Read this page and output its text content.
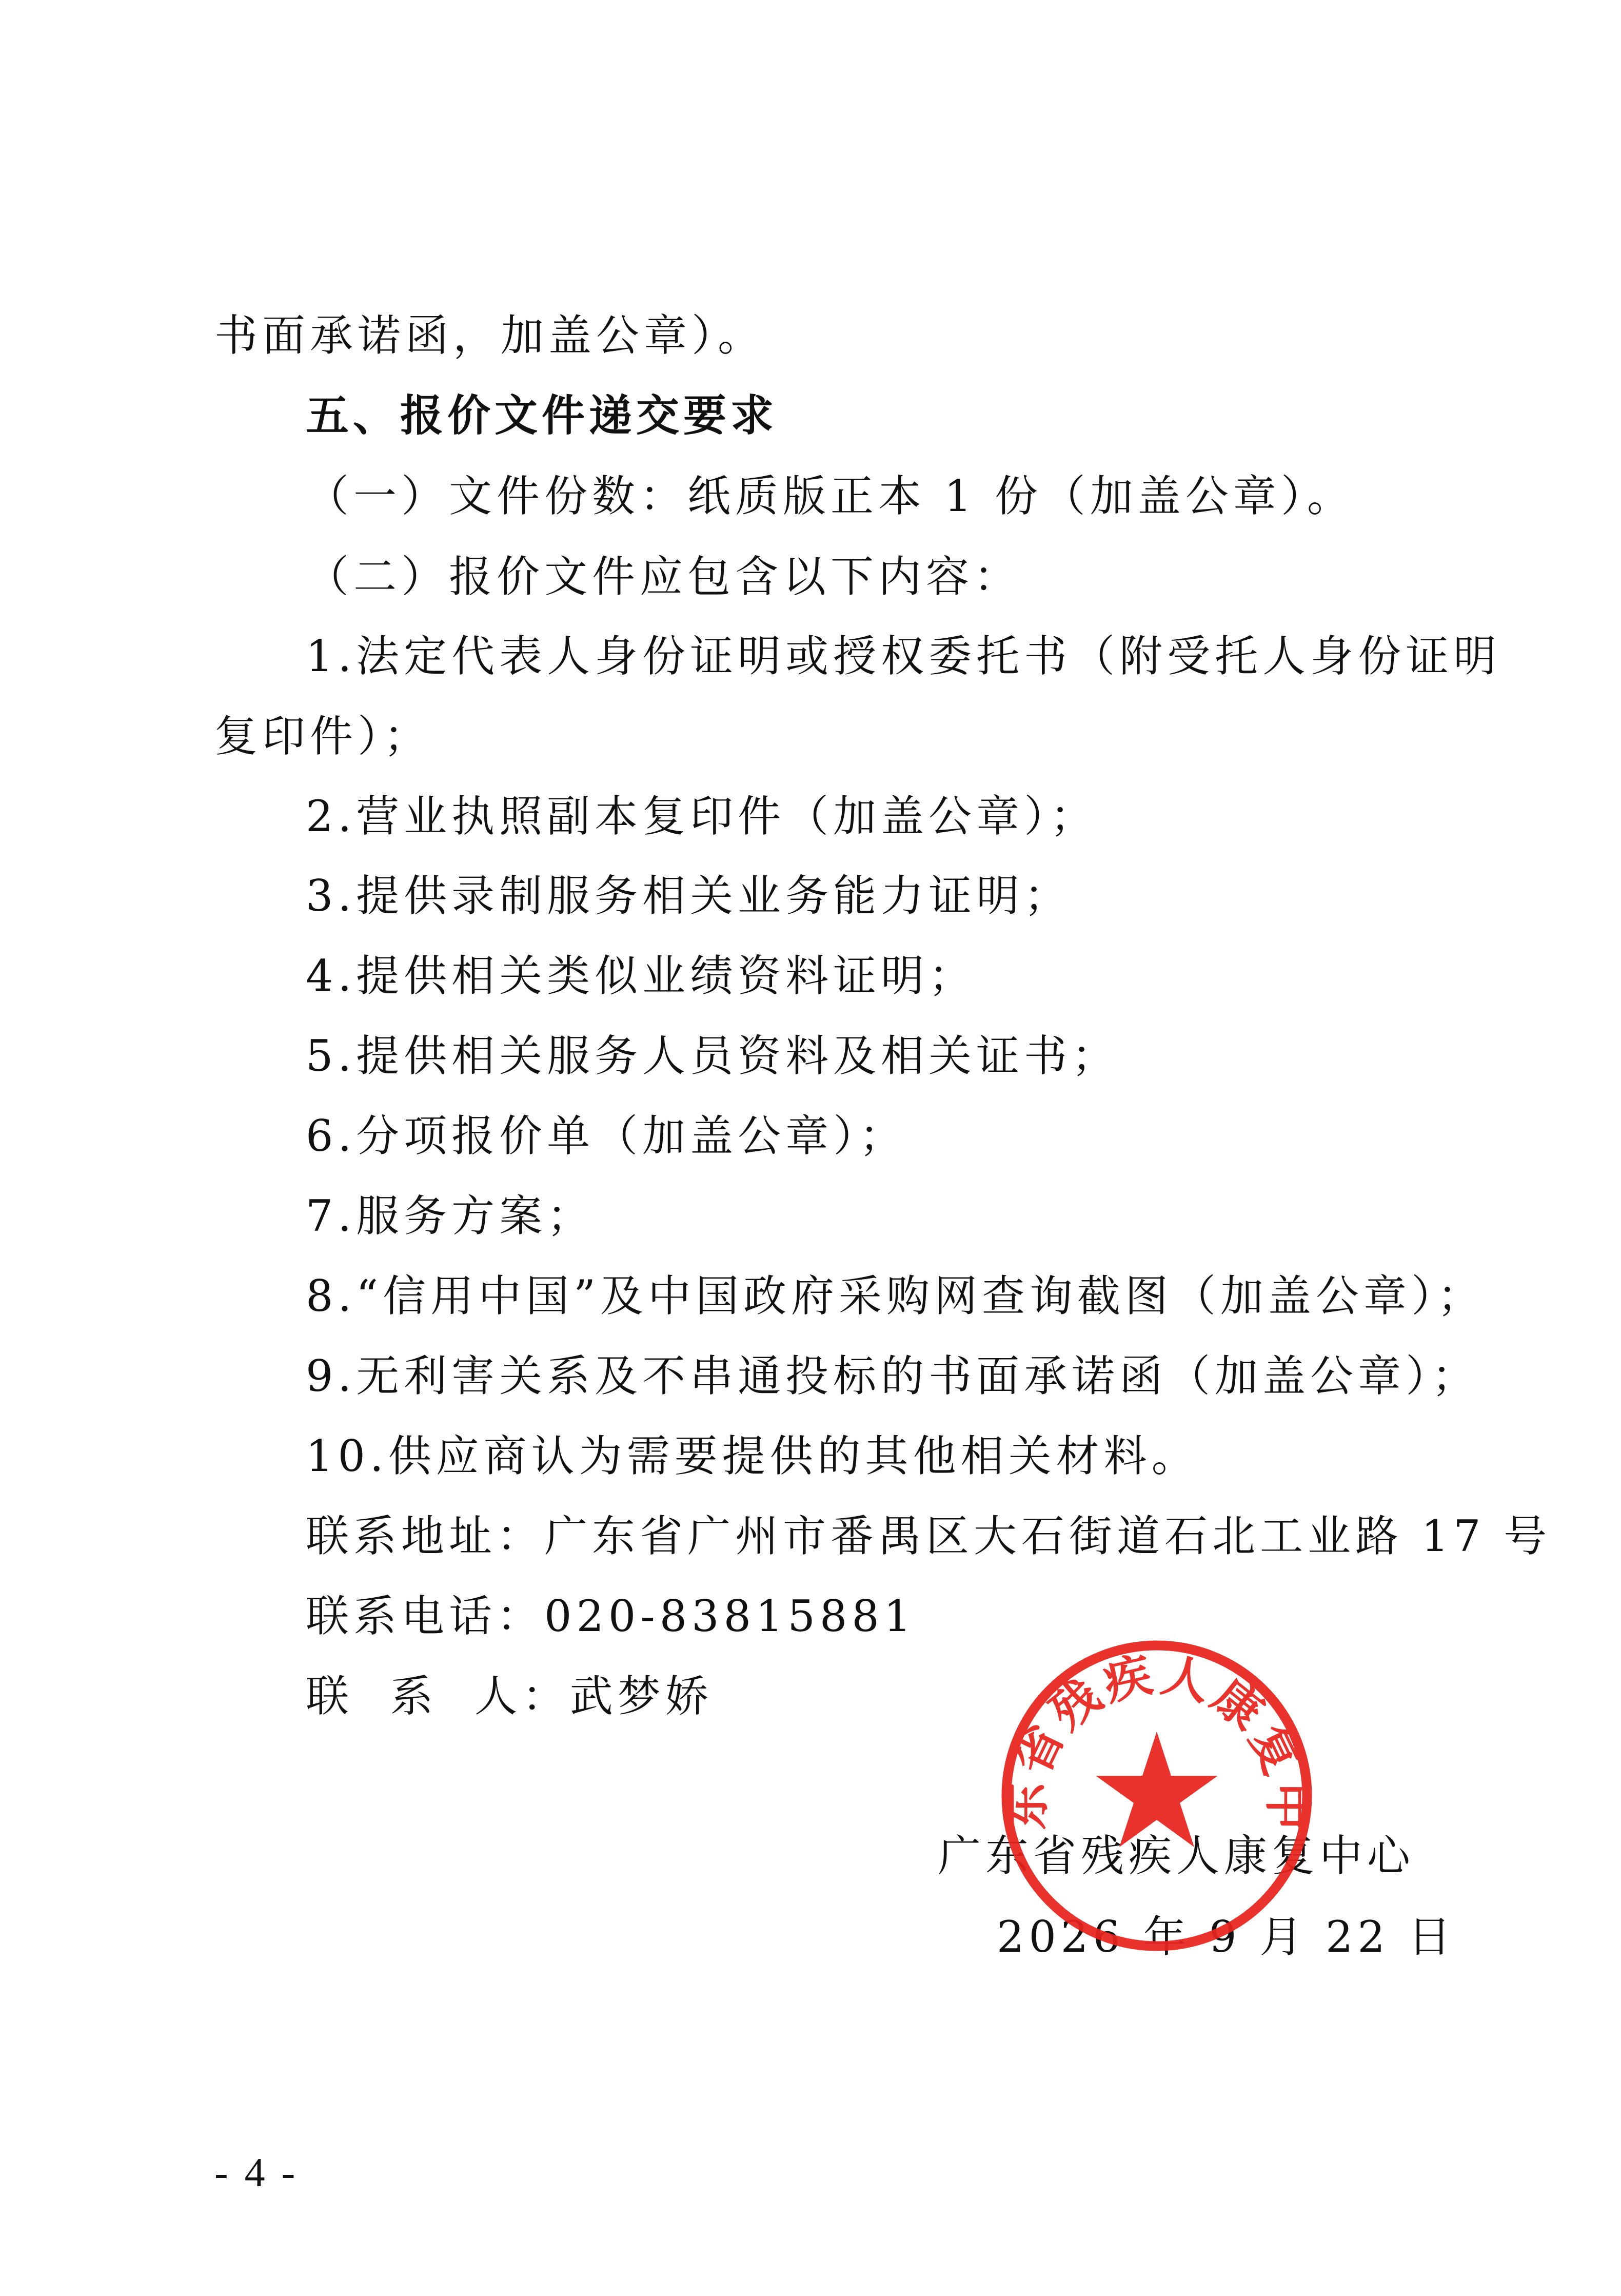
书面承诺函，加盖公章）。
五、报价文件递交要求
（一）文件份数：纸质版正本 1 份（加盖公章）。
（二）报价文件应包含以下内容：
1.法定代表人身份证明或授权委托书（附受托人身份证明
复印件）；
2.营业执照副本复印件（加盖公章）；
3.提供录制服务相关业务能力证明；
4.提供相关类似业绩资料证明；
5.提供相关服务人员资料及相关证书；
6.分项报价单（加盖公章）；
7.服务方案；
8.“信用中国”及中国政府采购网查询截图（加盖公章）；
9.无利害关系及不串通投标的书面承诺函（加盖公章）；
10.供应商认为需要提供的其他相关材料。
联系地址：广东省广州市番禺区大石街道石北工业路 17 号
联系电话：020-83815881
联  系  人：武梦娇
广东省残疾人康复中心
2026 年 9 月 22 日
广东省残疾人康复中心
- 4 -
